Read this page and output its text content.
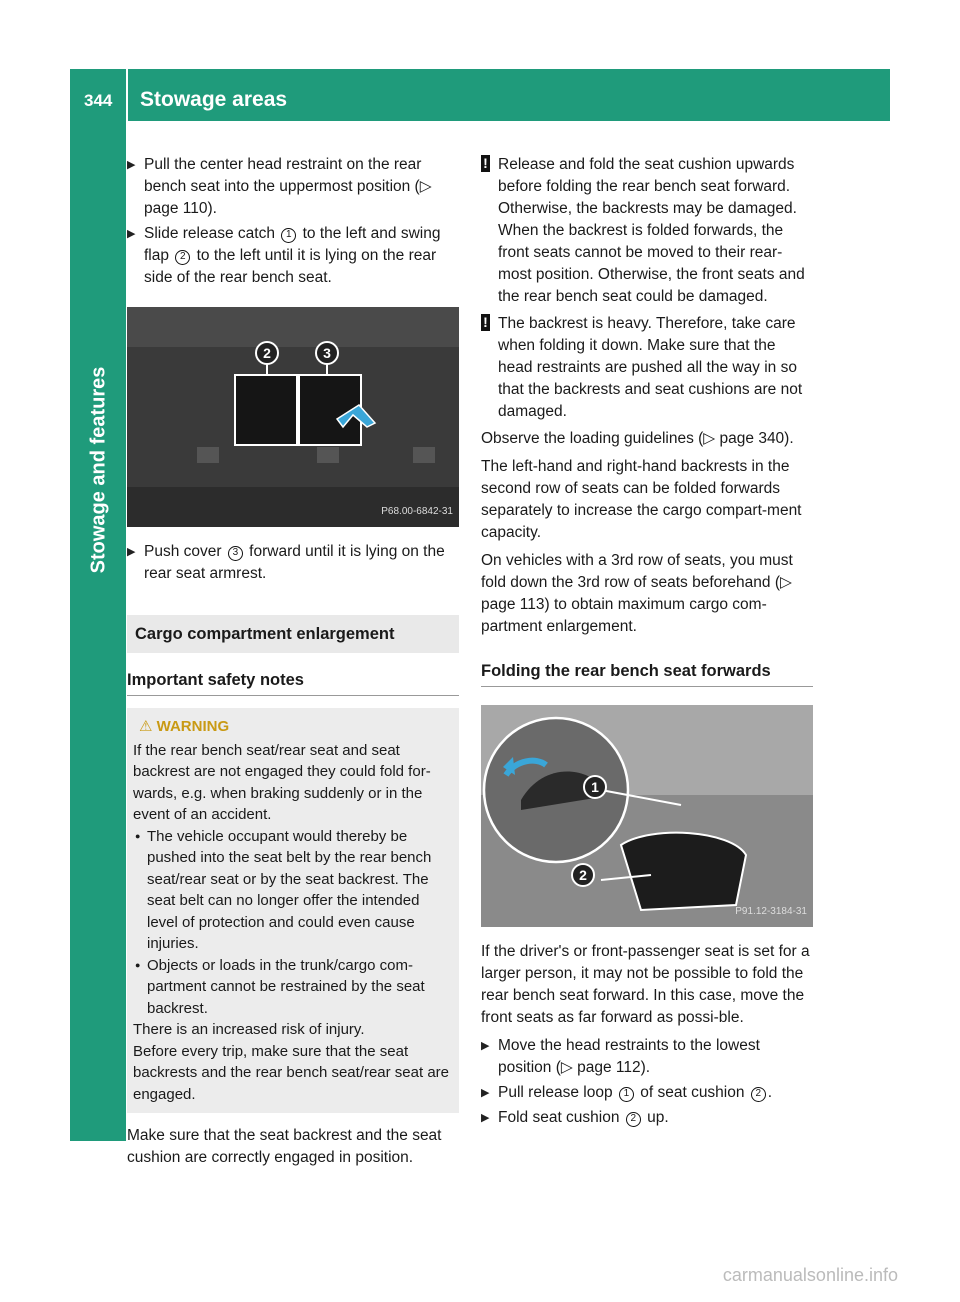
344 Stowage areas
Stowage and features
▶ Pull the center head restraint on the rear bench seat into the uppermost position (▷ page 110).
▶ Slide release catch 1 to the left and swing flap 2 to the left until it is lying on the rear side of the rear bench seat.
2	3
P68.00-6842-31
▶ Push cover 3 forward until it is lying on the rear seat armrest.
Cargo compartment enlargement
Important safety notes
⚠ WARNING
If the rear bench seat/rear seat and seat backrest are not engaged they could fold for-wards, e.g. when braking suddenly or in the event of an accident.
● The vehicle occupant would thereby be pushed into the seat belt by the rear bench seat/rear seat or by the seat backrest. The seat belt can no longer offer the intended level of protection and could even cause injuries.
● Objects or loads in the trunk/cargo com-partment cannot be restrained by the seat backrest.
There is an increased risk of injury.
Before every trip, make sure that the seat backrests and the rear bench seat/rear seat are engaged.
Make sure that the seat backrest and the seat cushion are correctly engaged in position.
! Release and fold the seat cushion upwards before folding the rear bench seat forward. Otherwise, the backrests may be damaged.
When the backrest is folded forwards, the front seats cannot be moved to their rear-most position. Otherwise, the front seats and the rear bench seat could be damaged.
! The backrest is heavy. Therefore, take care when folding it down. Make sure that the head restraints are pushed all the way in so that the backrests and seat cushions are not damaged.
Observe the loading guidelines (▷ page 340).
The left-hand and right-hand backrests in the second row of seats can be folded forwards separately to increase the cargo compart-ment capacity.
On vehicles with a 3rd row of seats, you must fold down the 3rd row of seats beforehand (▷ page 113) to obtain maximum cargo com-partment enlargement.
Folding the rear bench seat forwards
1
2
P91.12-3184-31
If the driver's or front-passenger seat is set for a larger person, it may not be possible to fold the rear bench seat forward. In this case, move the front seats as far forward as possi-ble.
▶ Move the head restraints to the lowest position (▷ page 112).
▶ Pull release loop 1 of seat cushion 2 .
▶ Fold seat cushion 2 up.
carmanualsonline.info
